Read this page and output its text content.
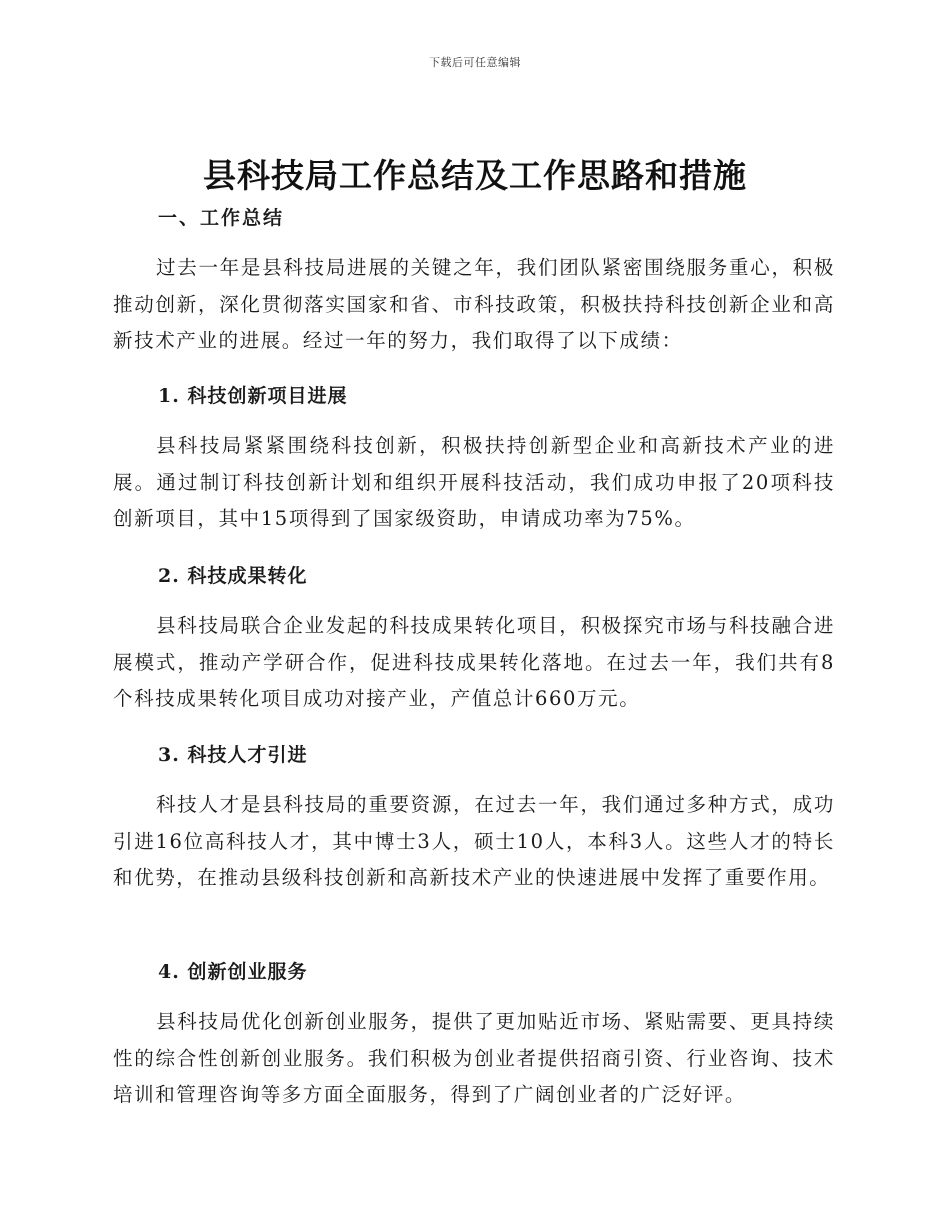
下载后可任意编辑
县科技局工作总结及工作思路和措施
一、工作总结

过去一年是县科技局进展的关键之年，我们团队紧密围绕服务重心，积极推动创新，深化贯彻落实国家和省、市科技政策，积极扶持科技创新企业和高新技术产业的进展。经过一年的努力，我们取得了以下成绩：

1. 科技创新项目进展

县科技局紧紧围绕科技创新，积极扶持创新型企业和高新技术产业的进展。通过制订科技创新计划和组织开展科技活动，我们成功申报了20项科技创新项目，其中15项得到了国家级资助，申请成功率为75%。

2. 科技成果转化

县科技局联合企业发起的科技成果转化项目，积极探究市场与科技融合进展模式，推动产学研合作，促进科技成果转化落地。在过去一年，我们共有8个科技成果转化项目成功对接产业，产值总计660万元。

3. 科技人才引进

科技人才是县科技局的重要资源，在过去一年，我们通过多种方式，成功引进16位高科技人才，其中博士3人，硕士10人，本科3人。这些人才的特长和优势，在推动县级科技创新和高新技术产业的快速进展中发挥了重要作用。

4. 创新创业服务

县科技局优化创新创业服务，提供了更加贴近市场、紧贴需要、更具持续性的综合性创新创业服务。我们积极为创业者提供招商引资、行业咨询、技术培训和管理咨询等多方面全面服务，得到了广阔创业者的广泛好评。
